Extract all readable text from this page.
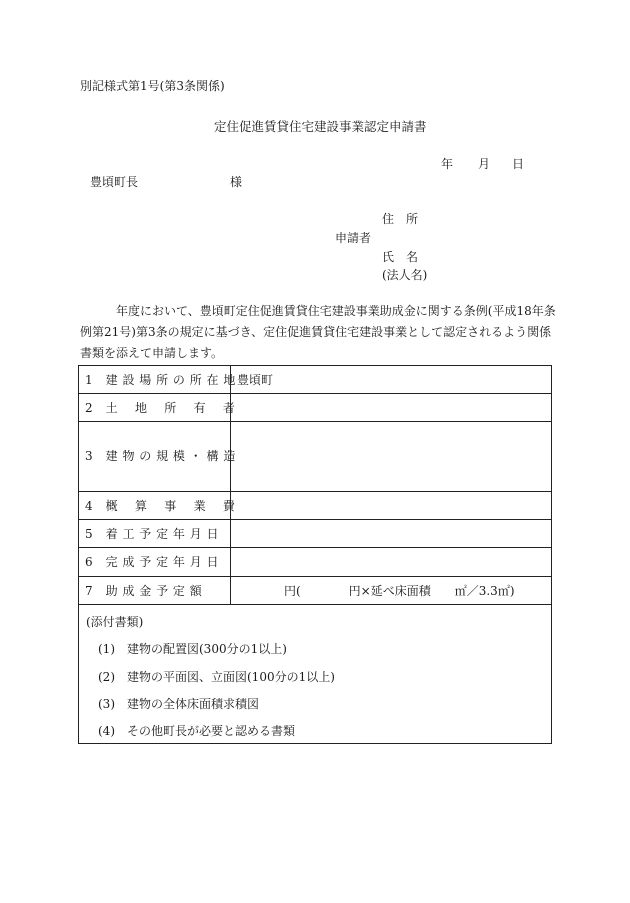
別記様式第1号(第3条関係)
定住促進賃貸住宅建設事業認定申請書
年 月 日
豊頃町長	様
住　所
申請者
氏　名
(法人名)
年度において、豊頃町定住促進賃貸住宅建設事業助成金に関する条例(平成18年条例第21号)第3条の規定に基づき、定住促進賃貸住宅建設事業として認定されるよう関係書類を添えて申請します。
1　建 設 場 所 の 所 在 地 豊頃町
2　土　 地　 所　 有　 者
3　建 物 の 規 模 ・ 構 造
4　概　 算　 事　 業　 費
5　着 工 予 定 年 月 日
6　完 成 予 定 年 月 日
7　助 成 金 予 定 額	円(　　　　円×延べ床面積　　㎡／3.3㎡)
(添付書類)
(1)　建物の配置図(300分の1以上)
(2)　建物の平面図、立面図(100分の1以上)
(3)　建物の全体床面積求積図
(4)　その他町長が必要と認める書類
